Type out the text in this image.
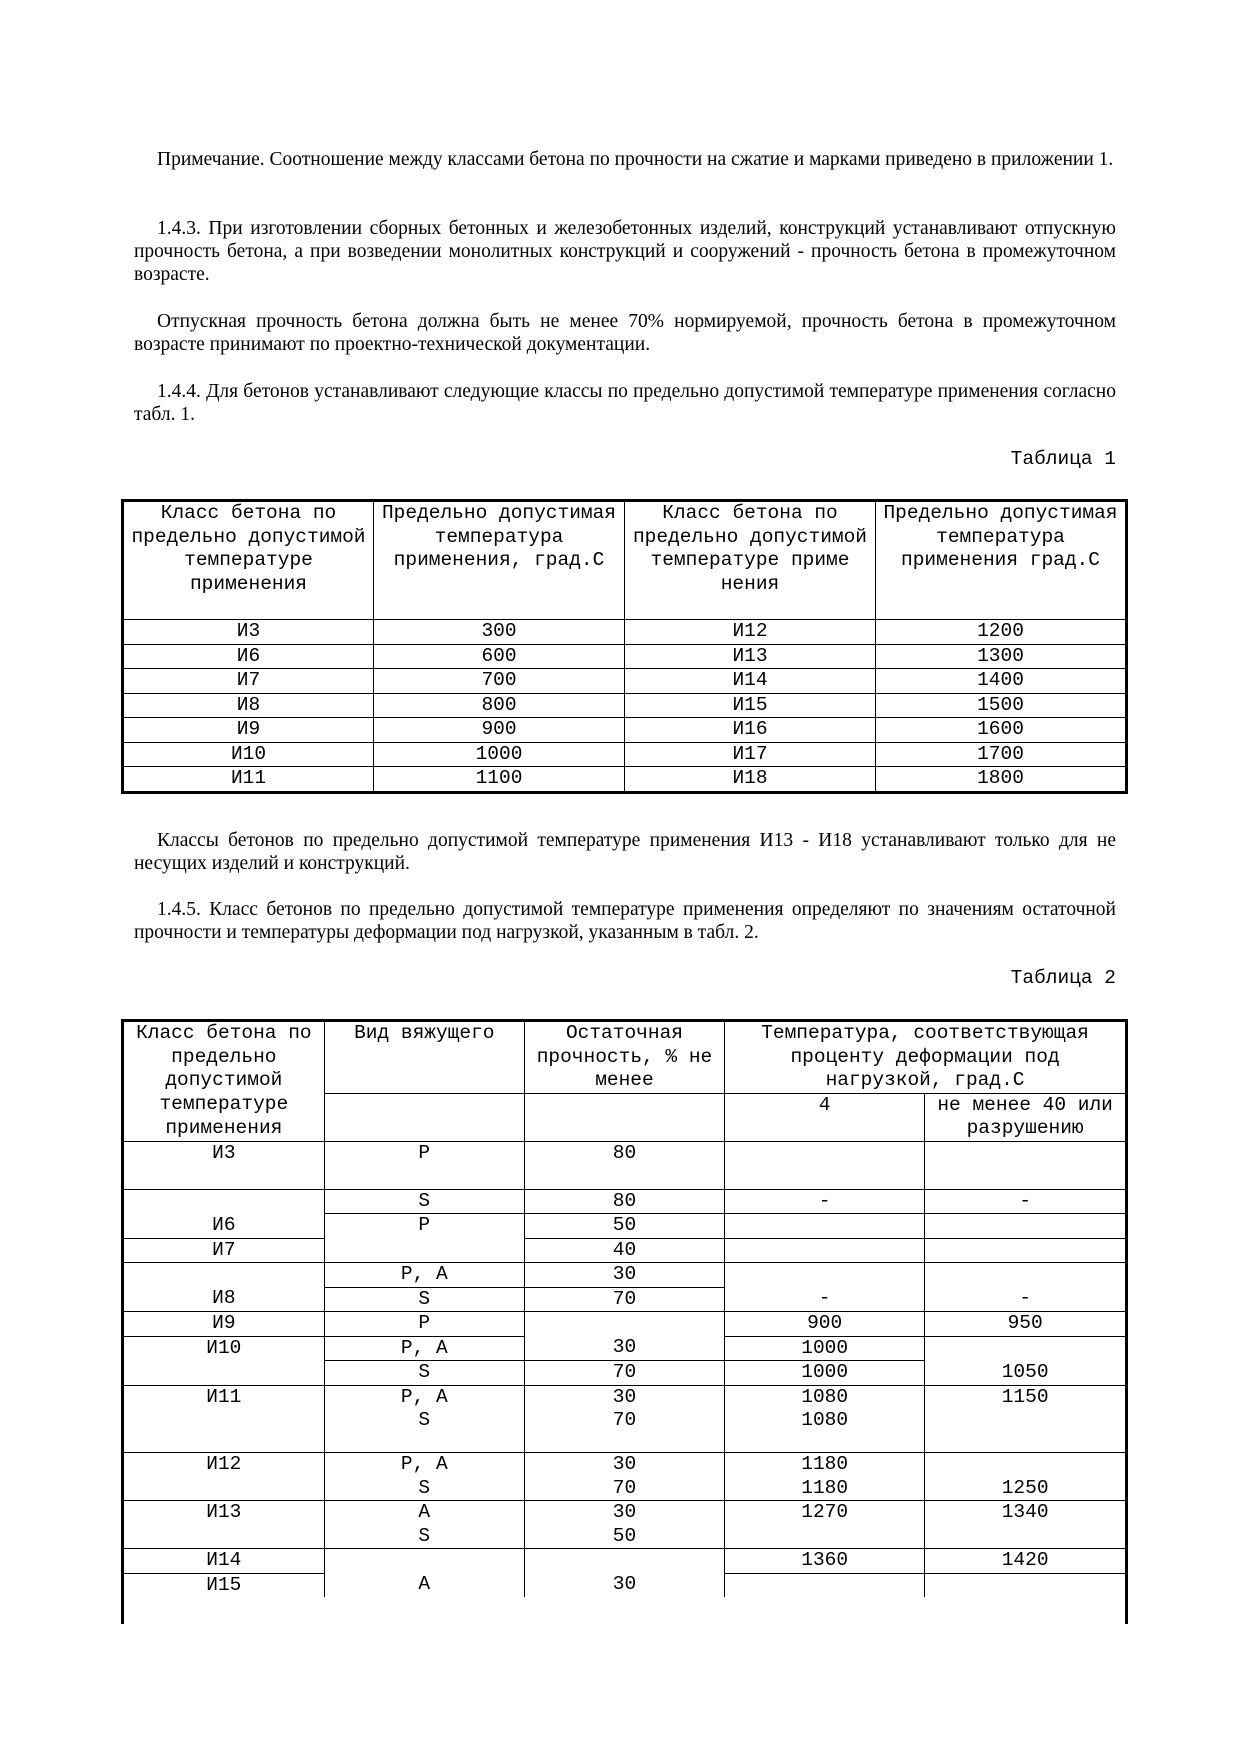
Примечание. Соотношение между классами бетона по прочности на сжатие и марками приведено в приложении 1.

1.4.3. При изготовлении сборных бетонных и железобетонных изделий, конструкций устанавливают отпускную прочность бетона, а при возведении монолитных конструкций и сооружений - прочность бетона в промежуточном возрасте.

Отпускная прочность бетона должна быть не менее 70% нормируемой, прочность бетона в промежуточном возрасте принимают по проектно-технической документации.

1.4.4. Для бетонов устанавливают следующие классы по предельно допустимой температуре применения согласно табл. 1.

Таблица 1

Класс бетона по предельно допустимой температуре применения	Предельно допустимая температура применения, град.С	Класс бетона по предельно допустимой температуре приме нения	Предельно допустимая температура применения град.С
И3	300	И12	1200
И6	600	И13	1300
И7	700	И14	1400
И8	800	И15	1500
И9	900	И16	1600
И10	1000	И17	1700
И11	1100	И18	1800

Классы бетонов по предельно допустимой температуре применения И13 - И18 устанавливают только для не несущих изделий и конструкций.

1.4.5. Класс бетонов по предельно допустимой температуре применения определяют по значениям остаточной прочности и температуры деформации под нагрузкой, указанным в табл. 2.

Таблица 2

Класс бетона по предельно допустимой	Вид вяжущего	Остаточная прочность, % не менее	Температура, соответствующая проценту деформации под нагрузкой, град.С	
температуре применения			4	не менее 40 или разрушению
И3	Р	80		
	S	80	-	-
И6	Р	50		
И7		40		
	Р, А	30		
И8	S	70	-	-
И9	Р		900	950
И10	Р, А	30	1000	
	S	70	1000	1050
И11	Р, А	30	1080	1150
	S	70	1080	
И12	Р, А	30	1180	
	S	70	1180	1250
И13	А	30	1270	1340
	S	50		
И14			1360	1420
И15	А	30		
